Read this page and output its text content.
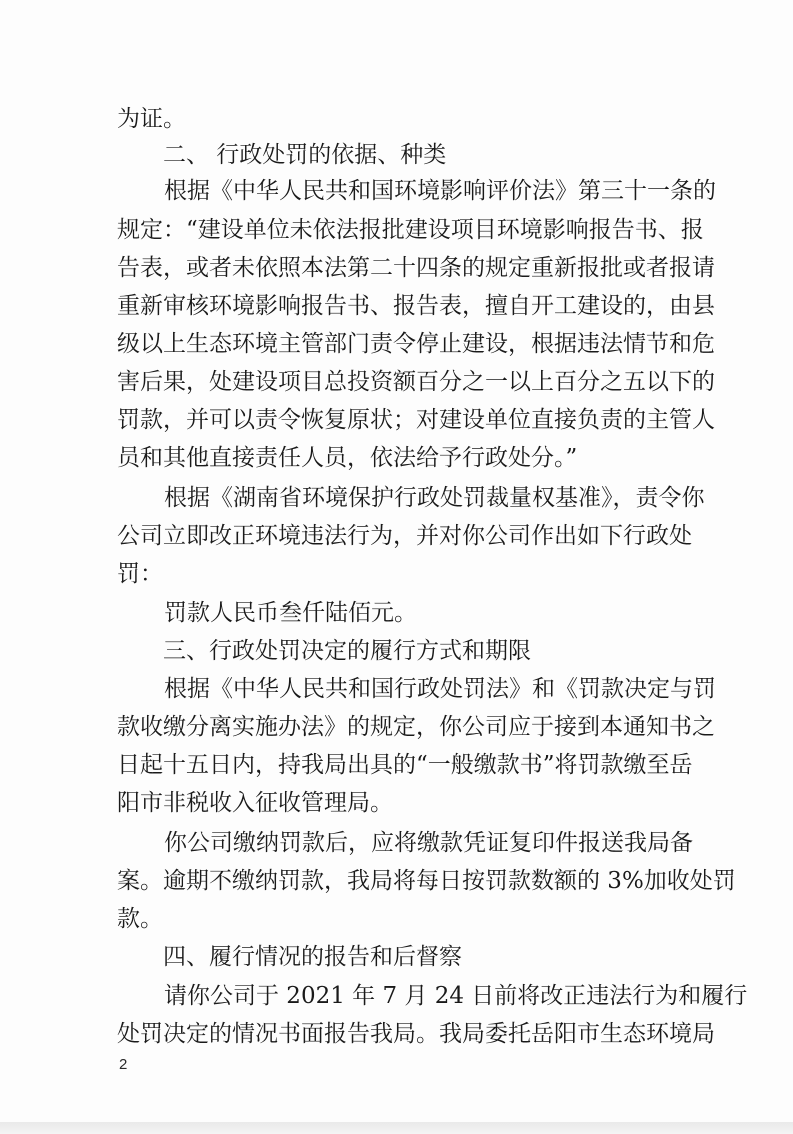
为证。
二、 行政处罚的依据、种类
根据《中华人民共和国环境影响评价法》第三十一条的
规定：“建设单位未依法报批建设项目环境影响报告书、报
告表，或者未依照本法第二十四条的规定重新报批或者报请
重新审核环境影响报告书、报告表，擅自开工建设的，由县
级以上生态环境主管部门责令停止建设，根据违法情节和危
害后果，处建设项目总投资额百分之一以上百分之五以下的
罚款，并可以责令恢复原状；对建设单位直接负责的主管人
员和其他直接责任人员，依法给予行政处分。”
根据《湖南省环境保护行政处罚裁量权基准》，责令你
公司立即改正环境违法行为，并对你公司作出如下行政处
罚：
罚款人民币叁仟陆佰元。
三、行政处罚决定的履行方式和期限
根据《中华人民共和国行政处罚法》和《罚款决定与罚
款收缴分离实施办法》的规定，你公司应于接到本通知书之
日起十五日内，持我局出具的“一般缴款书”将罚款缴至岳
阳市非税收入征收管理局。
你公司缴纳罚款后，应将缴款凭证复印件报送我局备
案。逾期不缴纳罚款，我局将每日按罚款数额的 3%加收处罚
款。
四、履行情况的报告和后督察
请你公司于 2021 年 7 月 24 日前将改正违法行为和履行
处罚决定的情况书面报告我局。我局委托岳阳市生态环境局
2
